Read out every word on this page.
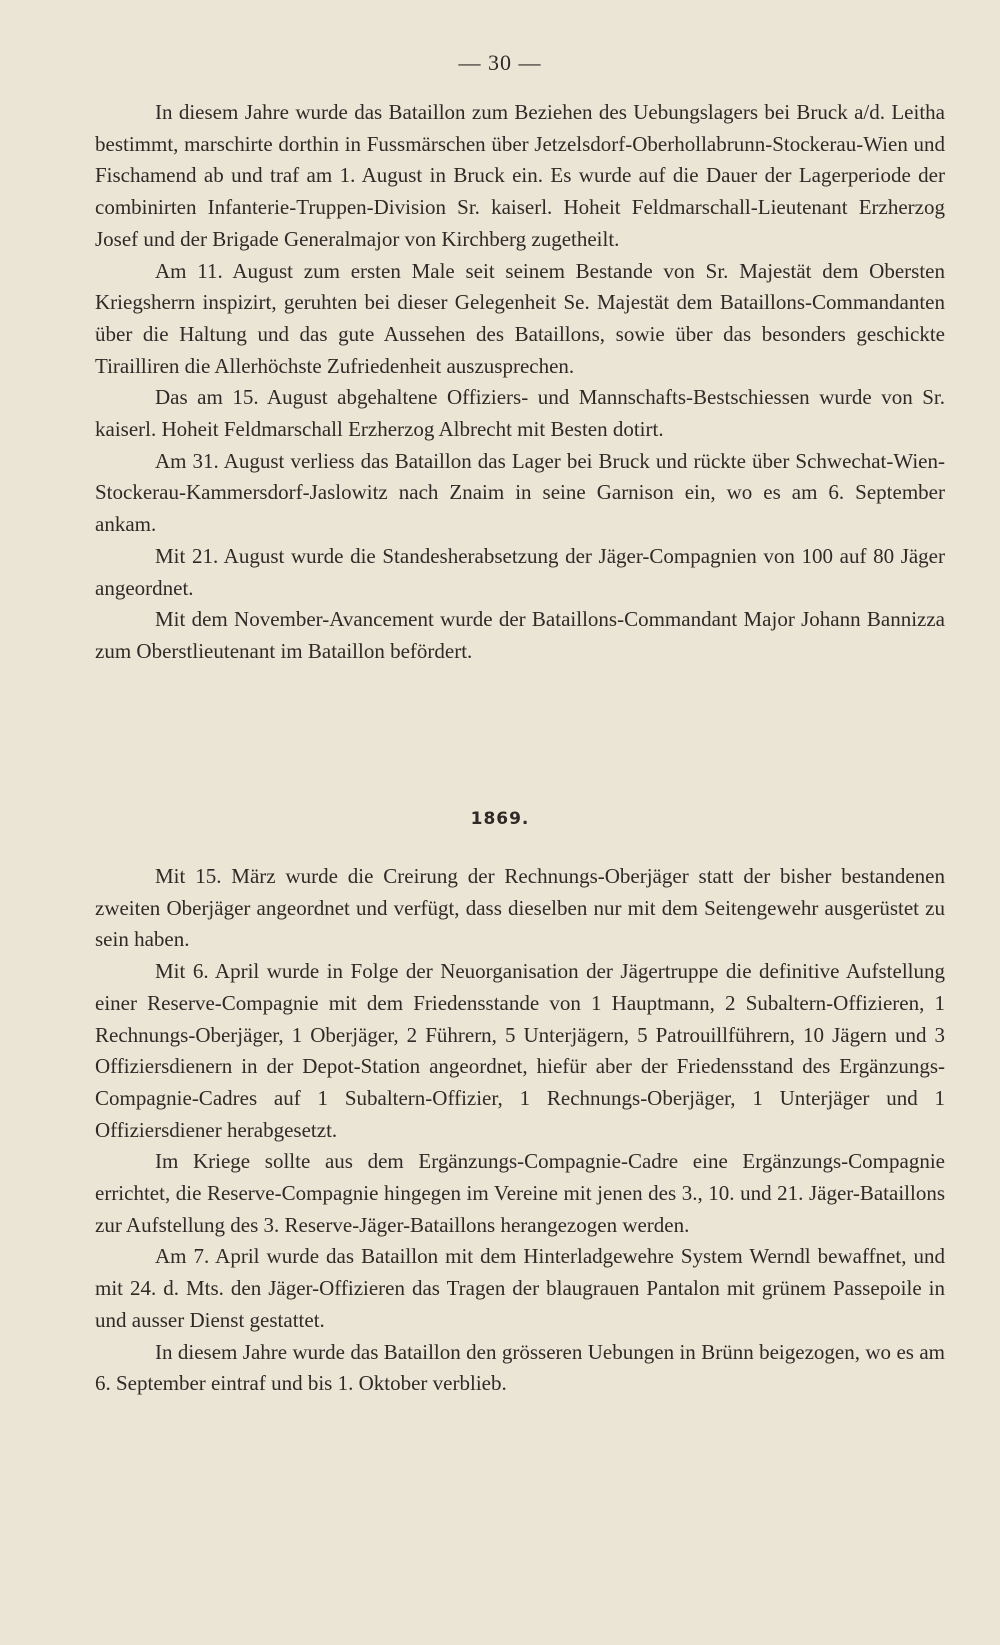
— 30 —

In diesem Jahre wurde das Bataillon zum Beziehen des Uebungslagers bei Bruck a/d. Leitha bestimmt, marschirte dorthin in Fussmärschen über Jetzelsdorf-Oberhollabrunn-Stockerau-Wien und Fischamend ab und traf am 1. August in Bruck ein. Es wurde auf die Dauer der Lagerperiode der combinirten Infanterie-Truppen-Division Sr. kaiserl. Hoheit Feldmarschall-Lieutenant Erzherzog Josef und der Brigade Generalmajor von Kirchberg zugetheilt.

Am 11. August zum ersten Male seit seinem Bestande von Sr. Majestät dem Obersten Kriegsherrn inspizirt, geruhten bei dieser Gelegenheit Se. Majestät dem Bataillons-Commandanten über die Haltung und das gute Aussehen des Bataillons, sowie über das besonders geschickte Tirailliren die Allerhöchste Zufriedenheit auszusprechen.

Das am 15. August abgehaltene Offiziers- und Mannschafts-Bestschiessen wurde von Sr. kaiserl. Hoheit Feldmarschall Erzherzog Albrecht mit Besten dotirt.

Am 31. August verliess das Bataillon das Lager bei Bruck und rückte über Schwechat-Wien-Stockerau-Kammersdorf-Jaslowitz nach Znaim in seine Garnison ein, wo es am 6. September ankam.

Mit 21. August wurde die Standesherabsetzung der Jäger-Compagnien von 100 auf 80 Jäger angeordnet.

Mit dem November-Avancement wurde der Bataillons-Commandant Major Johann Bannizza zum Oberstlieutenant im Bataillon befördert.

1869.

Mit 15. März wurde die Creirung der Rechnungs-Oberjäger statt der bisher bestandenen zweiten Oberjäger angeordnet und verfügt, dass dieselben nur mit dem Seitengewehr ausgerüstet zu sein haben.

Mit 6. April wurde in Folge der Neuorganisation der Jägertruppe die definitive Aufstellung einer Reserve-Compagnie mit dem Friedensstande von 1 Hauptmann, 2 Subaltern-Offizieren, 1 Rechnungs-Oberjäger, 1 Oberjäger, 2 Führern, 5 Unterjägern, 5 Patrouillführern, 10 Jägern und 3 Offiziersdienern in der Depot-Station angeordnet, hiefür aber der Friedensstand des Ergänzungs-Compagnie-Cadres auf 1 Subaltern-Offizier, 1 Rechnungs-Oberjäger, 1 Unterjäger und 1 Offiziersdiener herabgesetzt.

Im Kriege sollte aus dem Ergänzungs-Compagnie-Cadre eine Ergänzungs-Compagnie errichtet, die Reserve-Compagnie hingegen im Vereine mit jenen des 3., 10. und 21. Jäger-Bataillons zur Aufstellung des 3. Reserve-Jäger-Bataillons herangezogen werden.

Am 7. April wurde das Bataillon mit dem Hinterladgewehre System Werndl bewaffnet, und mit 24. d. Mts. den Jäger-Offizieren das Tragen der blaugrauen Pantalon mit grünem Passepoile in und ausser Dienst gestattet.

In diesem Jahre wurde das Bataillon den grösseren Uebungen in Brünn beigezogen, wo es am 6. September eintraf und bis 1. Oktober verblieb.
